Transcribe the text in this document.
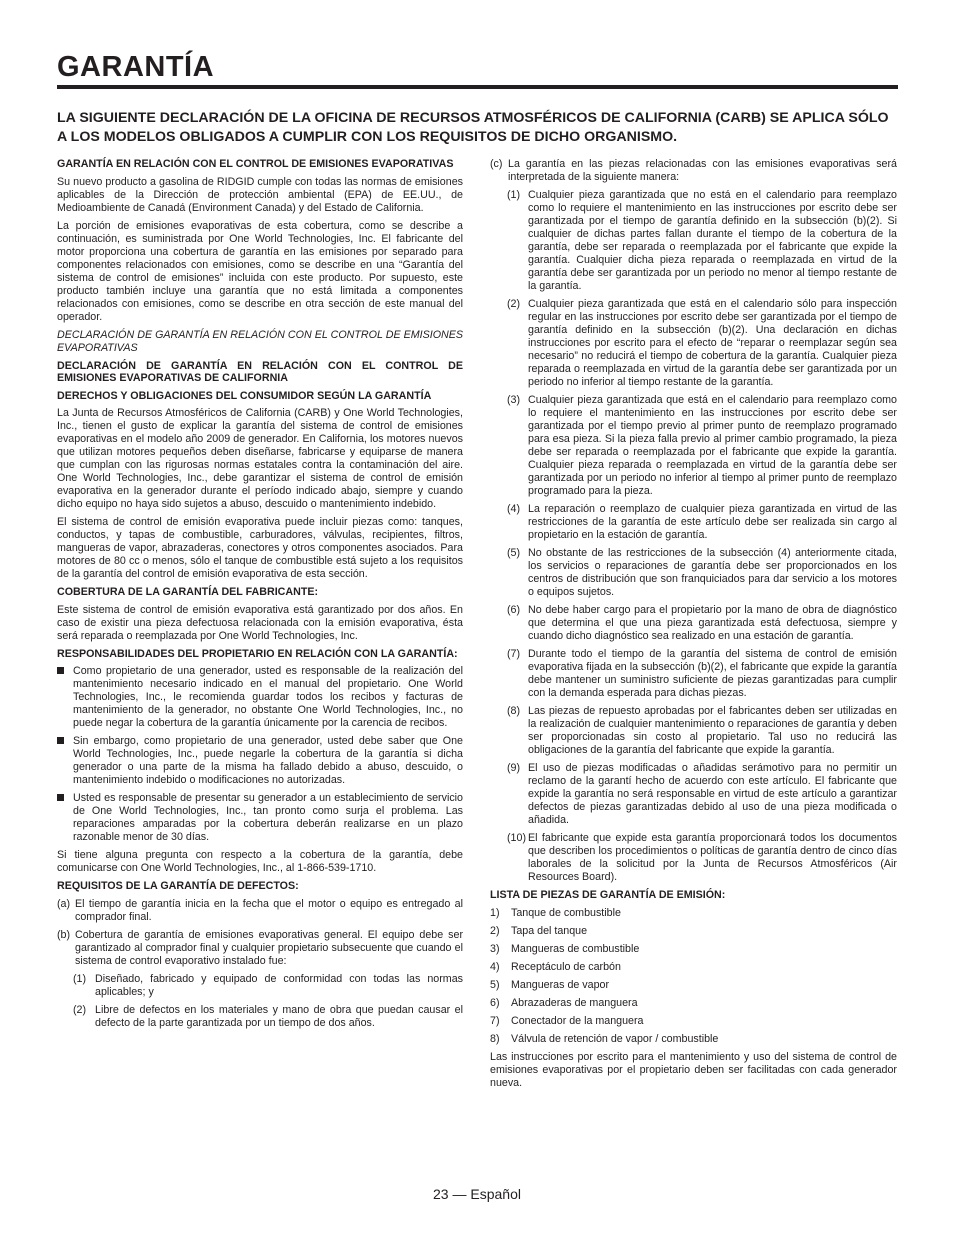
GARANTÍA
LA SIGUIENTE DECLARACIÓN DE LA OFICINA DE RECURSOS ATMOSFÉRICOS DE CALIFORNIA (CARB) SE APLICA SÓLO A LOS MODELOS OBLIGADOS A CUMPLIR CON LOS REQUISITOS DE DICHO ORGANISMO.
GARANTÍA EN RELACIÓN CON EL CONTROL DE EMISIONES EVAPORATIVAS

Su nuevo producto a gasolina de RIDGID cumple con todas las normas de emisiones aplicables de la Dirección de protección ambiental (EPA) de EE.UU., de Medioambiente de Canadá (Environment Canada) y del Estado de California.

La porción de emisiones evaporativas de esta cobertura, como se describe a continuación, es suministrada por One World Technologies, Inc. El fabricante del motor proporciona una cobertura de garantía en las emisiones por separado para componentes relacionados con emisiones, como se describe en una “Garantía del sistema de control de emisiones” incluida con este producto. Por supuesto, este producto también incluye una garantía que no está limitada a componentes relacionados con emisiones, como se describe en otra sección de este manual del operador.

DECLARACIÓN DE GARANTÍA EN RELACIÓN CON EL CONTROL DE EMISIONES EVAPORATIVAS

DECLARACIÓN DE GARANTÍA EN RELACIÓN CON EL CONTROL DE EMISIONES EVAPORATIVAS DE CALIFORNIA
DERECHOS Y OBLIGACIONES DEL CONSUMIDOR SEGÚN LA GARANTÍA

La Junta de Recursos Atmosféricos de California (CARB) y One World Technologies, Inc., tienen el gusto de explicar la garantía del sistema de control de emisiones evaporativas en el modelo año 2009 de generador. En California, los motores nuevos que utilizan motores pequeños deben diseñarse, fabricarse y equiparse de manera que cumplan con las rigurosas normas estatales contra la contaminación del aire. One World Technologies, Inc., debe garantizar el sistema de control de emisión evaporativa en la generador durante el período indicado abajo, siempre y cuando dicho equipo no haya sido sujetos a abuso, descuido o mantenimiento indebido.

El sistema de control de emisión evaporativa puede incluir piezas como: tanques, conductos, y tapas de combustible, carburadores, válvulas, recipientes, filtros, mangueras de vapor, abrazaderas, conectores y otros componentes asociados. Para motores de 80 cc o menos, sólo el tanque de combustible está sujeto a los requisitos de la garantía del control de emisión evaporativa de esta sección.

COBERTURA DE LA GARANTÍA DEL FABRICANTE:

Este sistema de control de emisión evaporativa está garantizado por dos años. En caso de existir una pieza defectuosa relacionada con la emisión evaporativa, ésta será reparada o reemplazada por One World Technologies, Inc.

RESPONSABILIDADES DEL PROPIETARIO EN RELACIÓN CON LA GARANTÍA:
Como propietario de una generador, usted es responsable de la realización del mantenimiento necesario indicado en el manual del propietario. One World Technologies, Inc., le recomienda guardar todos los recibos y facturas de mantenimiento de la generador, no obstante One World Technologies, Inc., no puede negar la cobertura de la garantía únicamente por la carencia de recibos.
Sin embargo, como propietario de una generador, usted debe saber que One World Technologies, Inc., puede negarle la cobertura de la garantía si dicha generador o una parte de la misma ha fallado debido a abuso, descuido, o mantenimiento indebido o modificaciones no autorizadas.
Usted es responsable de presentar su generador a un establecimiento de servicio de One World Technologies, Inc., tan pronto como surja el problema. Las reparaciones amparadas por la cobertura deberán realizarse en un plazo razonable menor de 30 días.

Si tiene alguna pregunta con respecto a la cobertura de la garantía, debe comunicarse con One World Technologies, Inc., al 1-866-539-1710.

REQUISITOS DE LA GARANTÍA DE DEFECTOS:
(a) El tiempo de garantía inicia en la fecha que el motor o equipo es entregado al comprador final.
(b) Cobertura de garantía de emisiones evaporativas general. El equipo debe ser garantizado al comprador final y cualquier propietario subsecuente que cuando el sistema de control evaporativo instalado fue:
(1) Diseñado, fabricado y equipado de conformidad con todas las normas aplicables; y
(2) Libre de defectos en los materiales y mano de obra que puedan causar el defecto de la parte garantizada por un tiempo de dos años.
(c) La garantía en las piezas relacionadas con las emisiones evaporativas será interpretada de la siguiente manera:
(1) Cualquier pieza garantizada que no está en el calendario para reemplazo como lo requiere el mantenimiento en las instrucciones por escrito debe ser garantizada por el tiempo de garantía definido en la subsección (b)(2). Si cualquier de dichas partes fallan durante el tiempo de la cobertura de la garantía, debe ser reparada o reemplazada por el fabricante que expide la garantía. Cualquier dicha pieza reparada o reemplazada en virtud de la garantía debe ser garantizada por un periodo no menor al tiempo restante de la garantía.
(2) Cualquier pieza garantizada que está en el calendario sólo para inspección regular en las instrucciones por escrito debe ser garantizada por el tiempo de garantía definido en la subsección (b)(2). Una declaración en dichas instrucciones por escrito para el efecto de “reparar o reemplazar según sea necesario” no reducirá el tiempo de cobertura de la garantía. Cualquier pieza reparada o reemplazada en virtud de la garantía debe ser garantizada por un periodo no inferior al tiempo restante de la garantía.
(3) Cualquier pieza garantizada que está en el calendario para reemplazo como lo requiere el mantenimiento en las instrucciones por escrito debe ser garantizada por el tiempo previo al primer punto de reemplazo programado para esa pieza. Si la pieza falla previo al primer cambio programado, la pieza debe ser reparada o reemplazada por el fabricante que expide la garantía. Cualquier pieza reparada o reemplazada en virtud de la garantía debe ser garantizada por un periodo no inferior al tiempo al primer punto de reemplazo programado para la pieza.
(4) La reparación o reemplazo de cualquier pieza garantizada en virtud de las restricciones de la garantía de este artículo debe ser realizada sin cargo al propietario en la estación de garantía.
(5) No obstante de las restricciones de la subsección (4) anteriormente citada, los servicios o reparaciones de garantía debe ser proporcionados en los centros de distribución que son franquiciados para dar servicio a los motores o equipos sujetos.
(6) No debe haber cargo para el propietario por la mano de obra de diagnóstico que determina el que una pieza garantizada está defectuosa, siempre y cuando dicho diagnóstico sea realizado en una estación de garantía.
(7) Durante todo el tiempo de la garantía del sistema de control de emisión evaporativa fijada en la subsección (b)(2), el fabricante que expide la garantía debe mantener un suministro suficiente de piezas garantizadas para cumplir con la demanda esperada para dichas piezas.
(8) Las piezas de repuesto aprobadas por el fabricantes deben ser utilizadas en la realización de cualquier mantenimiento o reparaciones de garantía y deben ser proporcionadas sin costo al propietario. Tal uso no reducirá las obligaciones de la garantía del fabricante que expide la garantía.
(9) El uso de piezas modificadas o añadidas serámotivo para no permitir un reclamo de la garantí hecho de acuerdo con este artículo. El fabricante que expide la garantía no será responsable en virtud de este artículo a garantizar defectos de piezas garantizadas debido al uso de una pieza modificada o añadida.
(10) El fabricante que expide esta garantía proporcionará todos los documentos que describen los procedimientos o políticas de garantía dentro de cinco días laborales de la solicitud por la Junta de Recursos Atmosféricos (Air Resources Board).
LISTA DE PIEZAS DE GARANTÍA DE EMISIÓN:
1) Tanque de combustible
2) Tapa del tanque
3) Mangueras de combustible
4) Receptáculo de carbón
5) Mangueras de vapor
6) Abrazaderas de manguera
7) Conectador de la manguera
8) Válvula de retención de vapor / combustible

Las instrucciones por escrito para el mantenimiento y uso del sistema de control de emisiones evaporativas por el propietario deben ser facilitadas con cada generador nueva.

23 — Español
